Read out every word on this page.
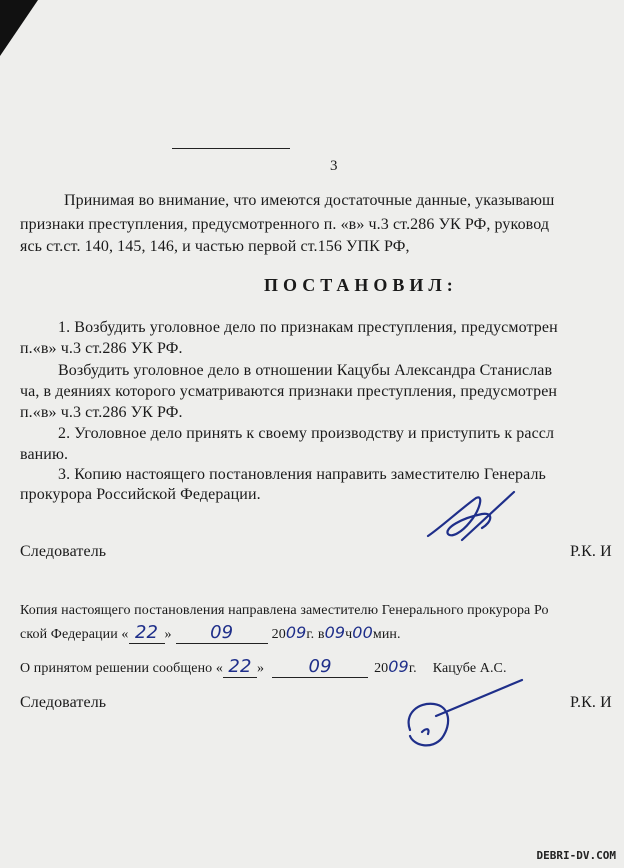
3
Принимая во внимание, что имеются достаточные данные, указываюш
признаки преступления, предусмотренного п. «в» ч.3 ст.286 УК РФ, руковод
ясь ст.ст. 140, 145, 146, и частью первой ст.156 УПК РФ,
ПОСТАНОВИЛ:
1. Возбудить уголовное дело по признакам преступления, предусмотрен
п.«в» ч.3 ст.286 УК РФ.
Возбудить уголовное дело в отношении Кацубы Александра Станислав
ча, в деяниях которого усматриваются признаки преступления, предусмотрен
п.«в» ч.3 ст.286 УК РФ.
2. Уголовное дело принять к своему производству и приступить к рассл
ванию.
3. Копию настоящего постановления направить заместителю Генераль
прокурора Российской Федерации.
Следователь	Р.К. И
Копия настоящего постановления направлена заместителю Генерального прокурора Ро
ской Федерации « 22 » 09	2009г. в09ч00мин.
О принятом решении сообщено « 22 » 09	2009г. Кацубе А.С.
Следователь	Р.К. И
DEBRI-DV.COM
